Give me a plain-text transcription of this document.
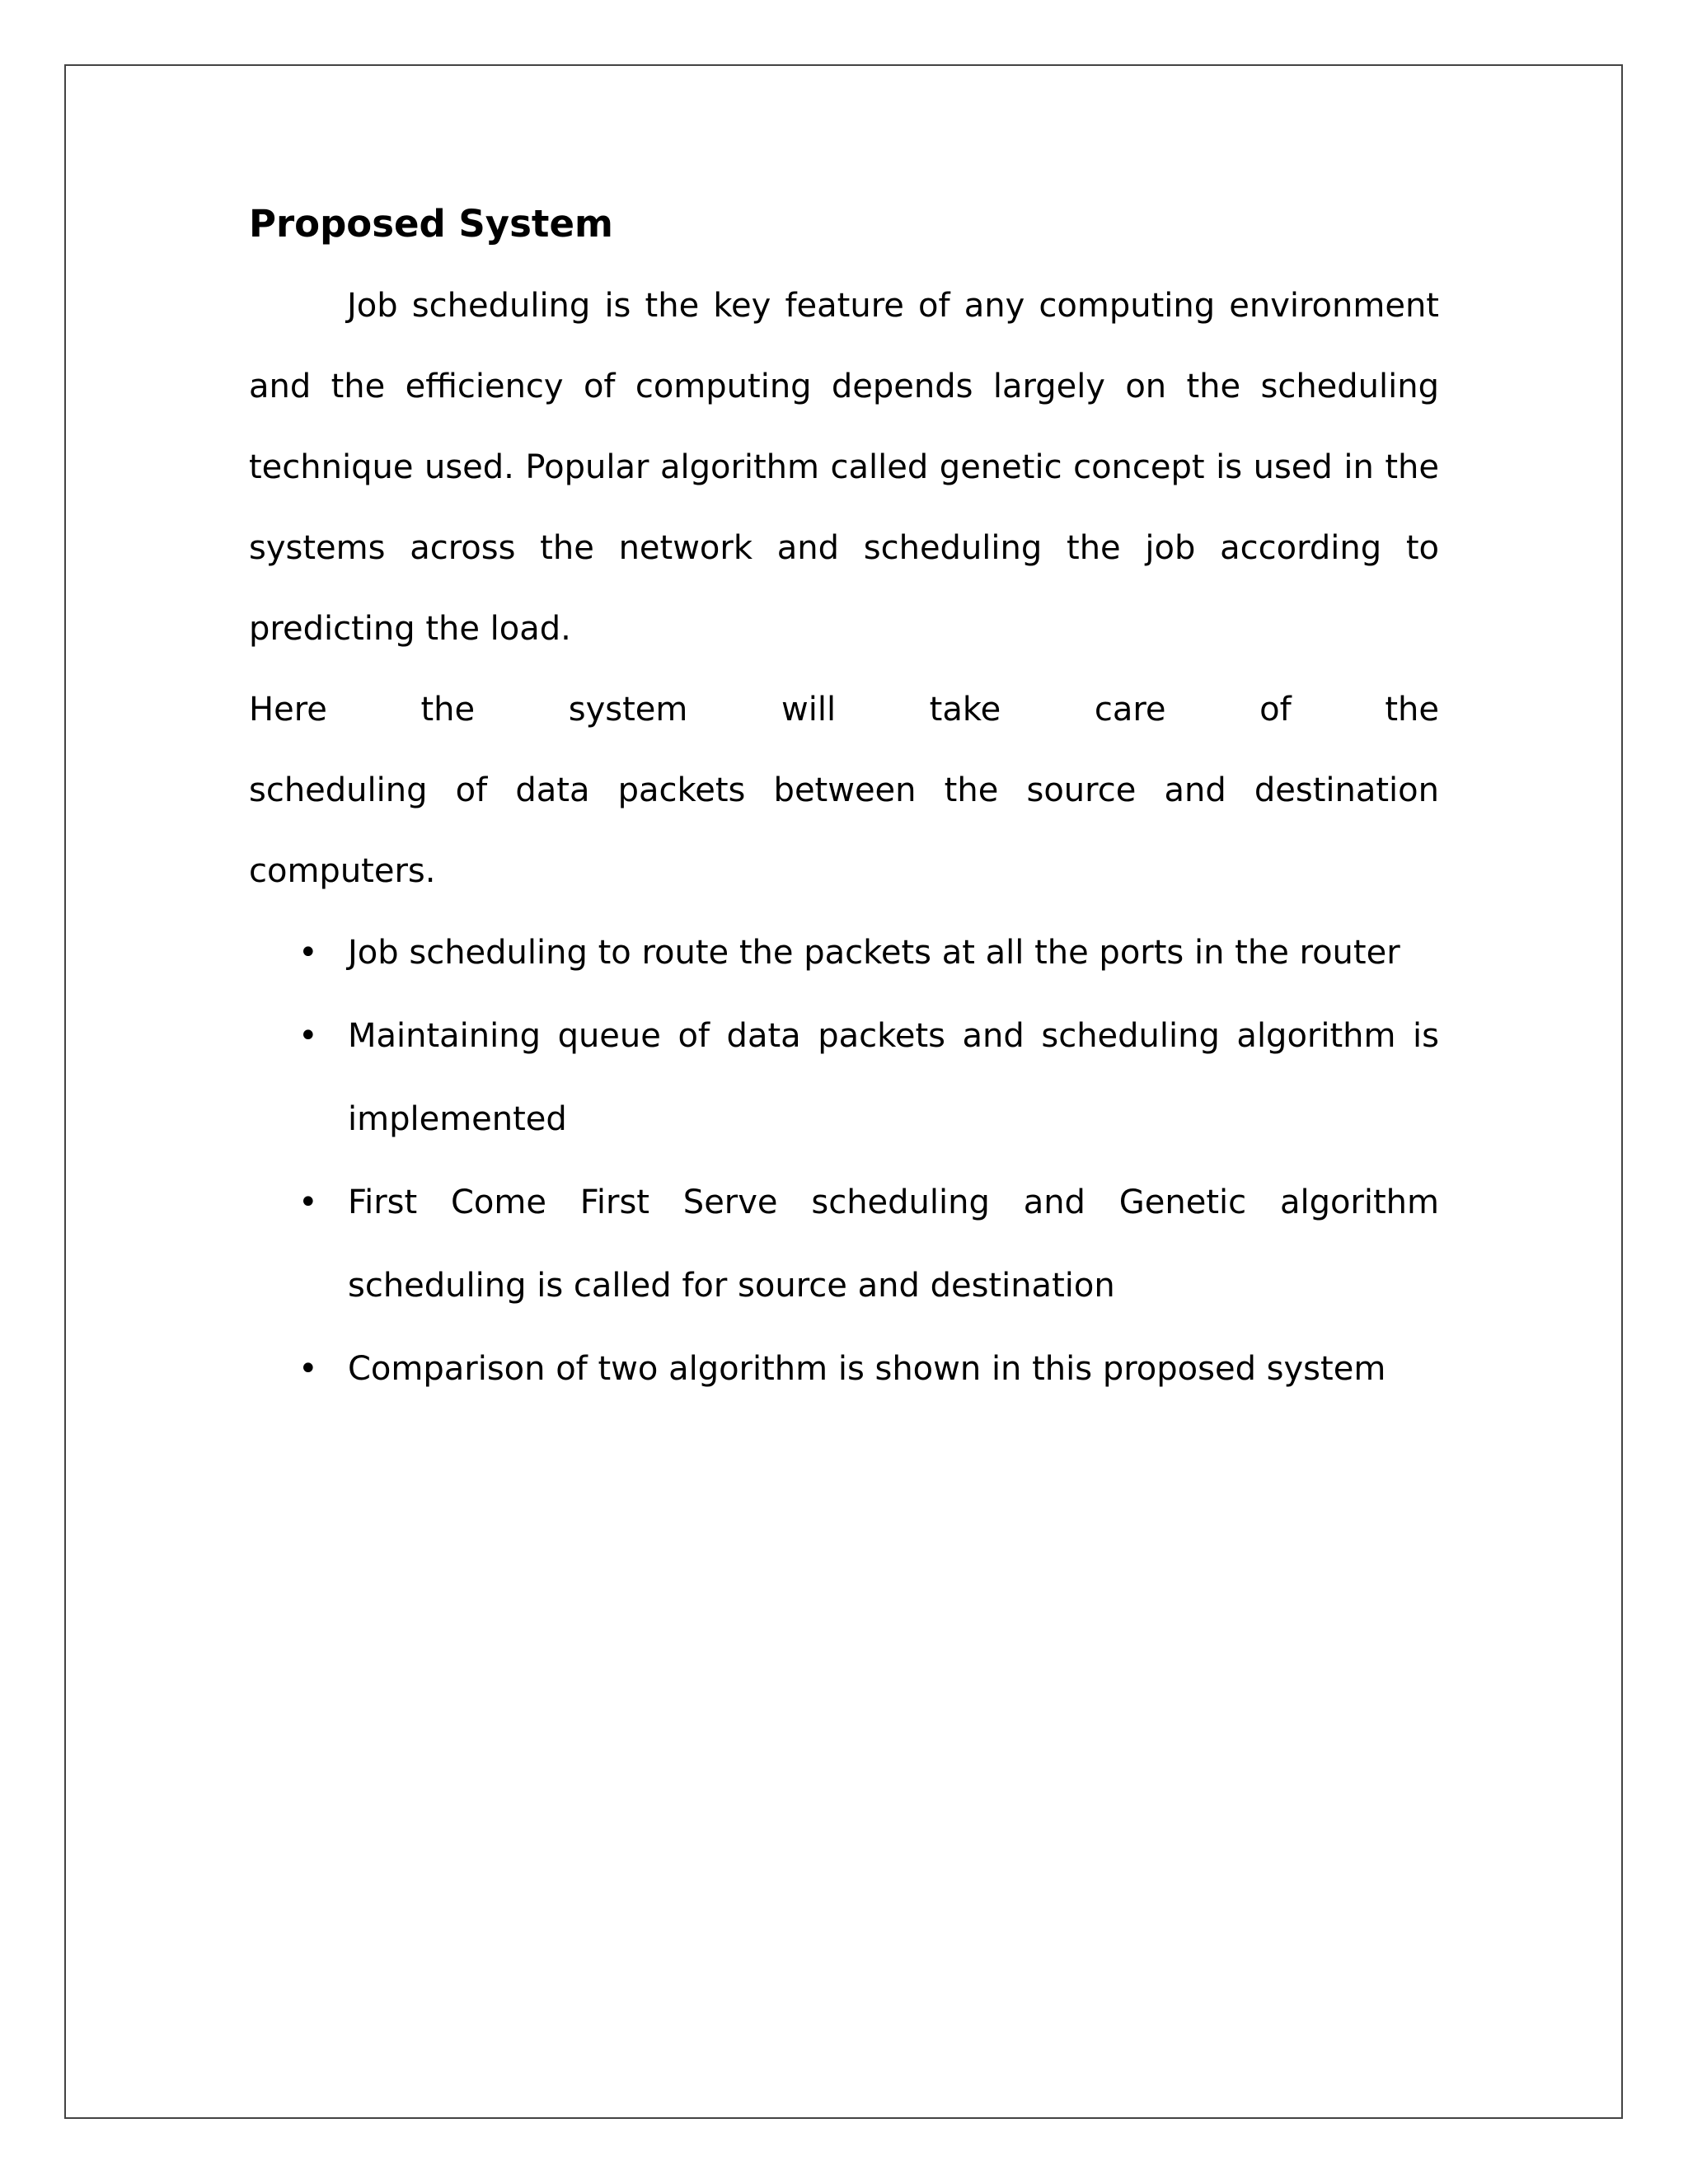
Proposed System

Job scheduling is the key feature of any computing environment and the efficiency of computing depends largely on the scheduling technique used. Popular algorithm called genetic concept is used in the systems across the network and scheduling the job according to predicting the load.

Here the system will take care of the
scheduling of data packets between the source and destination
computers.
• Job scheduling to route the packets at all the ports in the router
• Maintaining queue of data packets and scheduling algorithm is implemented
• First Come First Serve scheduling and Genetic algorithm scheduling is called for source and destination
• Comparison of two algorithm is shown in this proposed system
